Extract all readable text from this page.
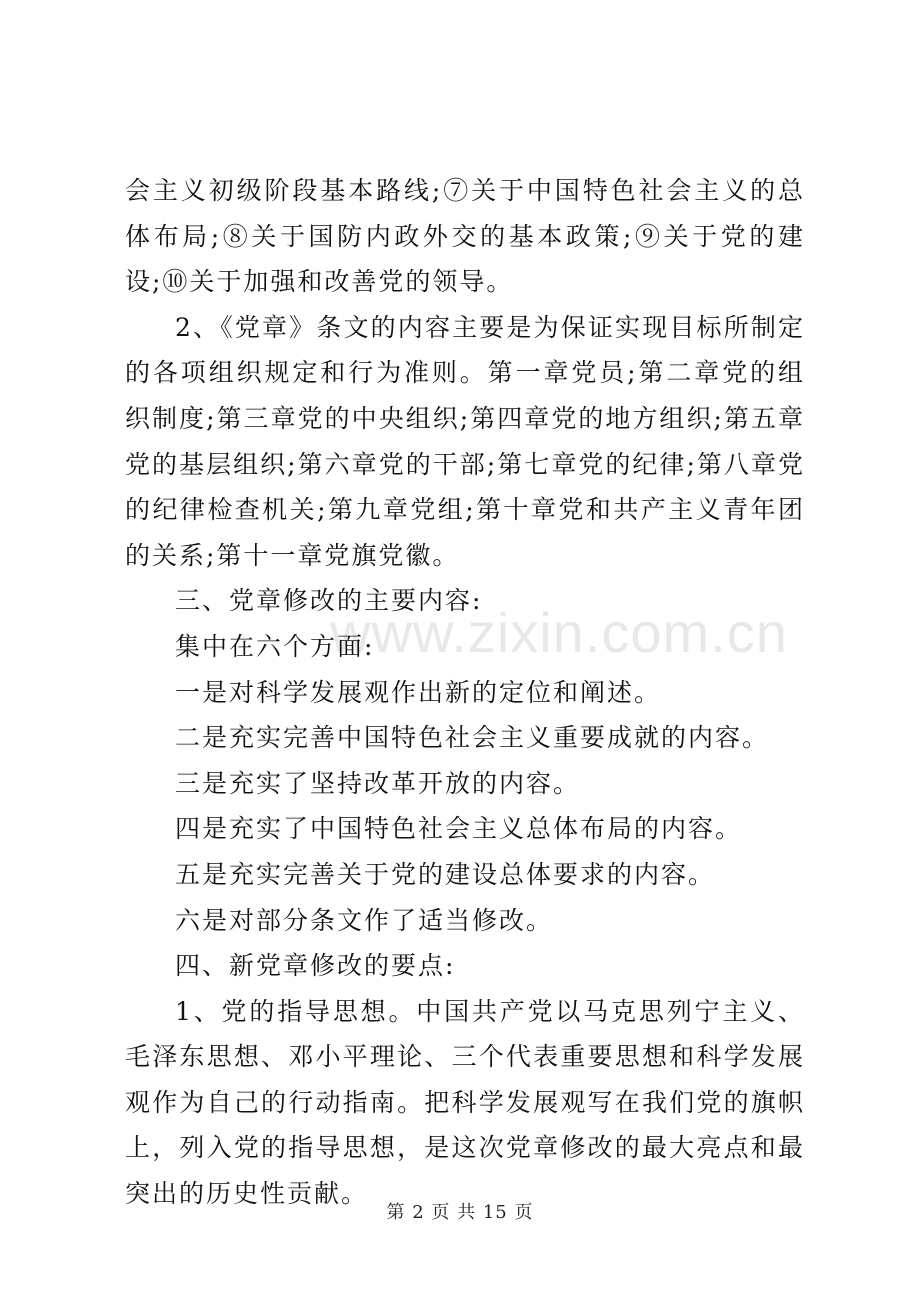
www.zixin.com.cn

会主义初级阶段基本路线;⑦关于中国特色社会主义的总体布局;⑧关于国防内政外交的基本政策;⑨关于党的建设;⑩关于加强和改善党的领导。

2、《党章》条文的内容主要是为保证实现目标所制定的各项组织规定和行为准则。第一章党员;第二章党的组织制度;第三章党的中央组织;第四章党的地方组织;第五章党的基层组织;第六章党的干部;第七章党的纪律;第八章党的纪律检查机关;第九章党组;第十章党和共产主义青年团的关系;第十一章党旗党徽。

三、党章修改的主要内容:

集中在六个方面:

一是对科学发展观作出新的定位和阐述。

二是充实完善中国特色社会主义重要成就的内容。

三是充实了坚持改革开放的内容。

四是充实了中国特色社会主义总体布局的内容。

五是充实完善关于党的建设总体要求的内容。

六是对部分条文作了适当修改。

四、新党章修改的要点:

1、党的指导思想。中国共产党以马克思列宁主义、毛泽东思想、邓小平理论、三个代表重要思想和科学发展观作为自己的行动指南。把科学发展观写在我们党的旗帜上，列入党的指导思想，是这次党章修改的最大亮点和最突出的历史性贡献。

第 2 页 共 15 页
